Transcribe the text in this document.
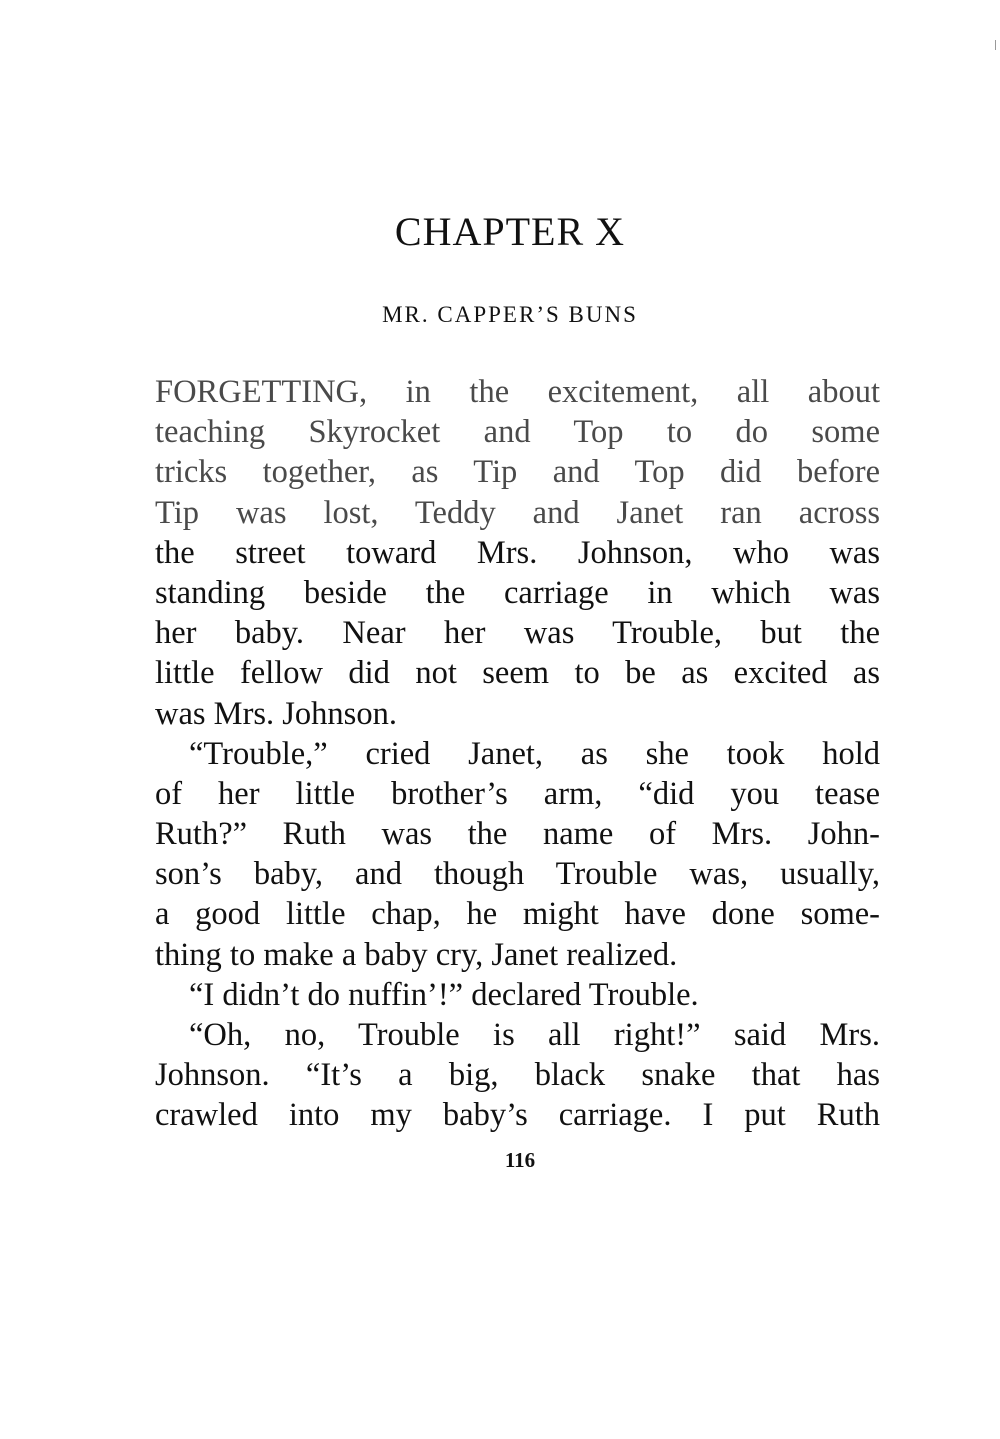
CHAPTER X
MR. CAPPER’S BUNS
FORGETTING, in the excitement, all about
teaching Skyrocket and Top to do some
tricks together, as Tip and Top did before
Tip was lost, Teddy and Janet ran across
the street toward Mrs. Johnson, who was
standing beside the carriage in which was
her baby. Near her was Trouble, but the
little fellow did not seem to be as excited as
was Mrs. Johnson.
“Trouble,” cried Janet, as she took hold
of her little brother’s arm, “did you tease
Ruth?” Ruth was the name of Mrs. John-
son’s baby, and though Trouble was, usually,
a good little chap, he might have done some-
thing to make a baby cry, Janet realized.
“I didn’t do nuffin’!” declared Trouble.
“Oh, no, Trouble is all right!” said Mrs.
Johnson. “It’s a big, black snake that has
crawled into my baby’s carriage. I put Ruth
116
